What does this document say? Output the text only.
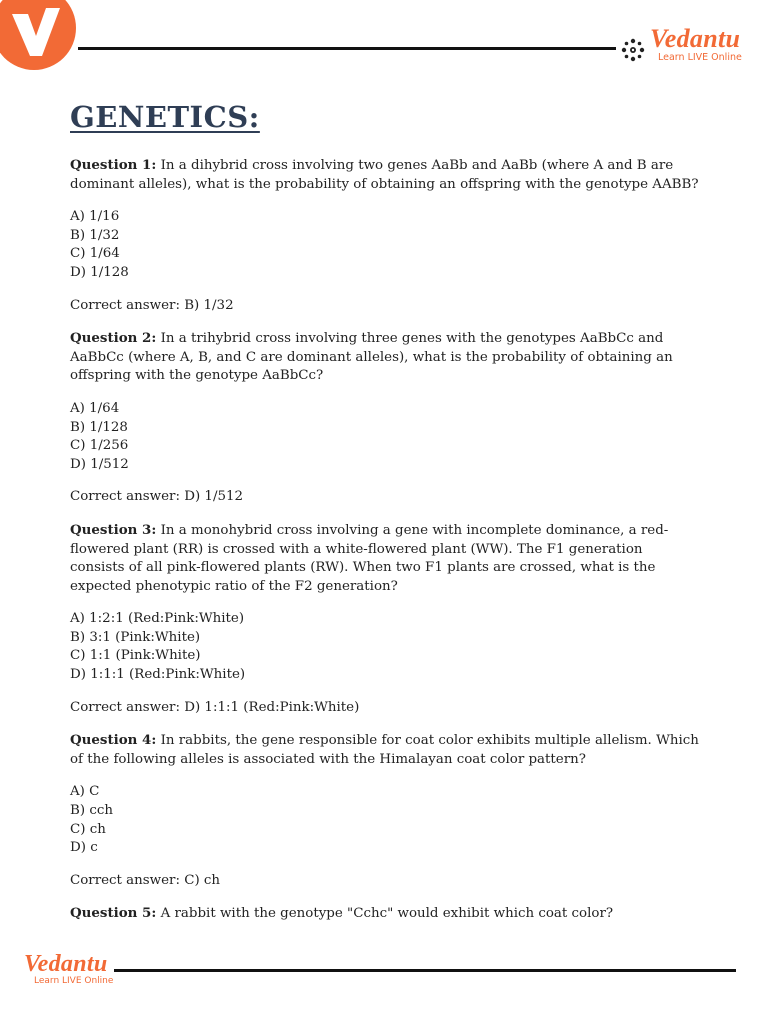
Vedantu
Learn LIVE Online
GENETICS:

Question 1: In a dihybrid cross involving two genes AaBb and AaBb (where A and B are dominant alleles), what is the probability of obtaining an offspring with the genotype AABB?

A) 1/16
B) 1/32
C) 1/64
D) 1/128

Correct answer: B) 1/32

Question 2: In a trihybrid cross involving three genes with the genotypes AaBbCc and AaBbCc (where A, B, and C are dominant alleles), what is the probability of obtaining an offspring with the genotype AaBbCc?

A) 1/64
B) 1/128
C) 1/256
D) 1/512

Correct answer: D) 1/512

Question 3: In a monohybrid cross involving a gene with incomplete dominance, a red-flowered plant (RR) is crossed with a white-flowered plant (WW). The F1 generation consists of all pink-flowered plants (RW). When two F1 plants are crossed, what is the expected phenotypic ratio of the F2 generation?

A) 1:2:1 (Red:Pink:White)
B) 3:1 (Pink:White)
C) 1:1 (Pink:White)
D) 1:1:1 (Red:Pink:White)

Correct answer: D) 1:1:1 (Red:Pink:White)

Question 4: In rabbits, the gene responsible for coat color exhibits multiple allelism. Which of the following alleles is associated with the Himalayan coat color pattern?

A) C
B) cch
C) ch
D) c

Correct answer: C) ch

Question 5: A rabbit with the genotype "Cchc" would exhibit which coat color?

Vedantu
Learn LIVE Online
